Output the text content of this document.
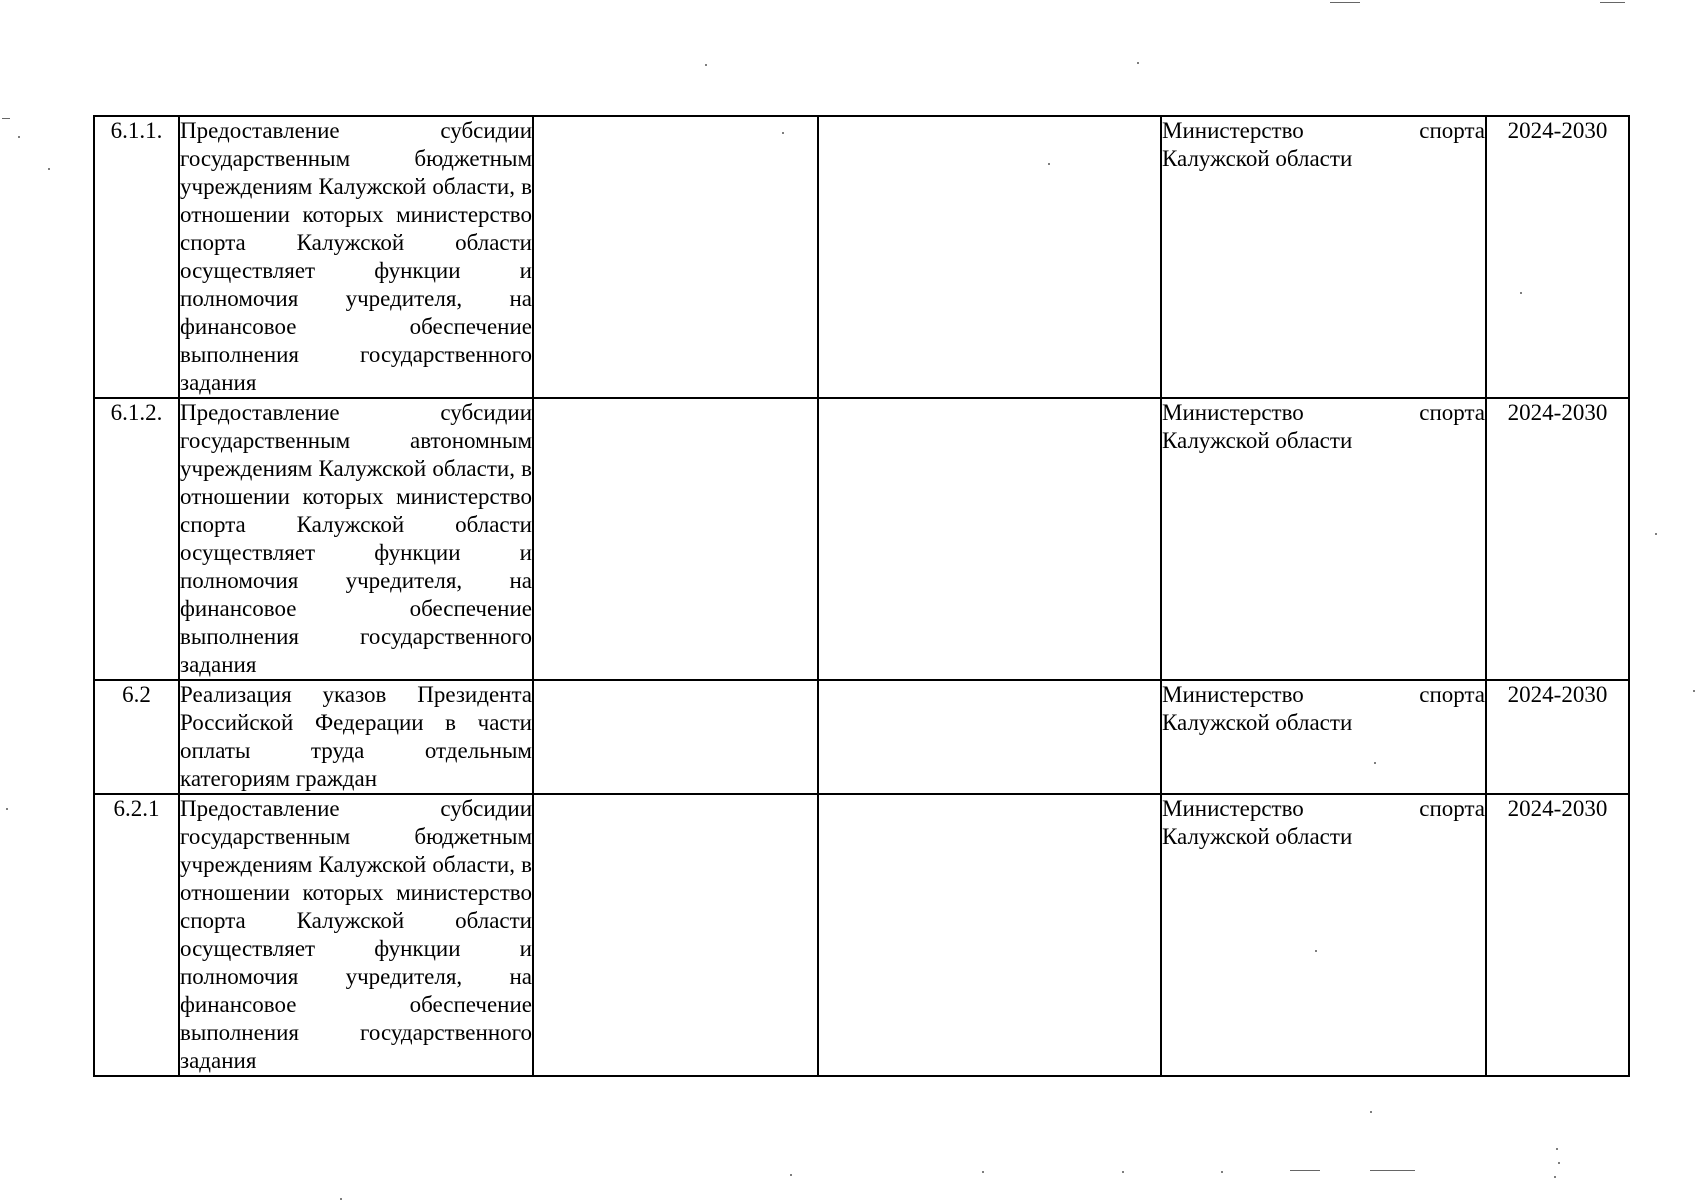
6.1.1.	Предоставление субсидии государственным бюджетным учреждениям Калужской области, в отношении которых министерство спорта Калужской области осуществляет функции и полномочия учредителя, на финансовое обеспечение выполнения государственного задания			Министерство спорта Калужской области	2024-2030
6.1.2.	Предоставление субсидии государственным автономным учреждениям Калужской области, в отношении которых министерство спорта Калужской области осуществляет функции и полномочия учредителя, на финансовое обеспечение выполнения государственного задания			Министерство спорта Калужской области	2024-2030
6.2	Реализация указов Президента Российской Федерации в части оплаты труда отдельным категориям граждан			Министерство спорта Калужской области	2024-2030
6.2.1	Предоставление субсидии государственным бюджетным учреждениям Калужской области, в отношении которых министерство спорта Калужской области осуществляет функции и полномочия учредителя, на финансовое обеспечение выполнения государственного задания			Министерство спорта Калужской области	2024-2030
